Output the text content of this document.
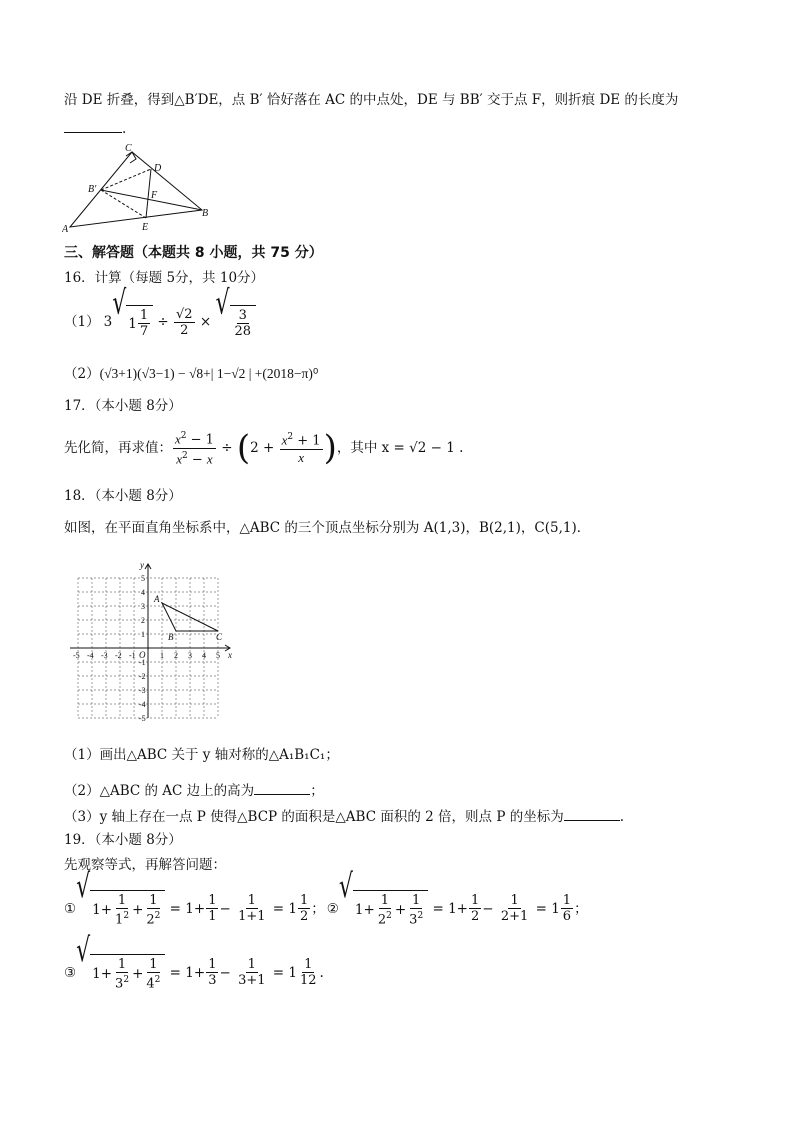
沿 DE 折叠，得到△B′DE，点 B′ 恰好落在 AC 的中点处，DE 与 BB′ 交于点 F，则折痕 DE 的长度为
.
C
D
B′
F
A	E
B
三、解答题（本题共 8 小题，共 75 分）
16．计算（每题 5分，共 10分）
（1） 3 √
$1 \frac{1}{7} \div \frac{√2}{2}$ × √
$\frac{3}{28}$
（2）(√3+1)(√3−1) − √8+| 1−√2 | +(2018−π)⁰
17．（本小题 8分）
先化简，再求值： $\frac{x^2 - 1}{x^2 - x}$ ÷ ( $2 + \frac{x^2 + 1}{x}$ ) ，其中 x = √2 − 1 .
18．（本小题 8分）
如图，在平面直角坐标系中，△ABC 的三个顶点坐标分别为 A(1,3)，B(2,1)，C(5,1)．
-5 -4 -3 -2 -1	1 2 3 4 5
5
4
3
2
1
-1
-2
-3
-4
-5
x
y
O
A
B	C
（1）画出△ABC 关于 y 轴对称的△A₁B₁C₁；
（2）△ABC 的 AC 边上的高为	；
（3）y 轴上存在一点 P 使得△BCP 的面积是△ABC 面积的 2 倍，则点 P 的坐标为	.
19．（本小题 8分）
先观察等式，再解答问题：
①
√
$1+ \frac{1}{1^2} + \frac{1}{2^2} = 1+ \frac{1}{1} - \frac{1}{1+1} = 1 \frac{1}{2}$ ； ②
√
$1+ \frac{1}{2^2} + \frac{1}{3^2} = 1+ \frac{1}{2} - \frac{1}{2+1} = 1 \frac{1}{6}$ ；
③
√
$1+ \frac{1}{3^2} + \frac{1}{4^2} = 1+ \frac{1}{3} - \frac{1}{3+1} = 1 \frac{1}{12}$ .
